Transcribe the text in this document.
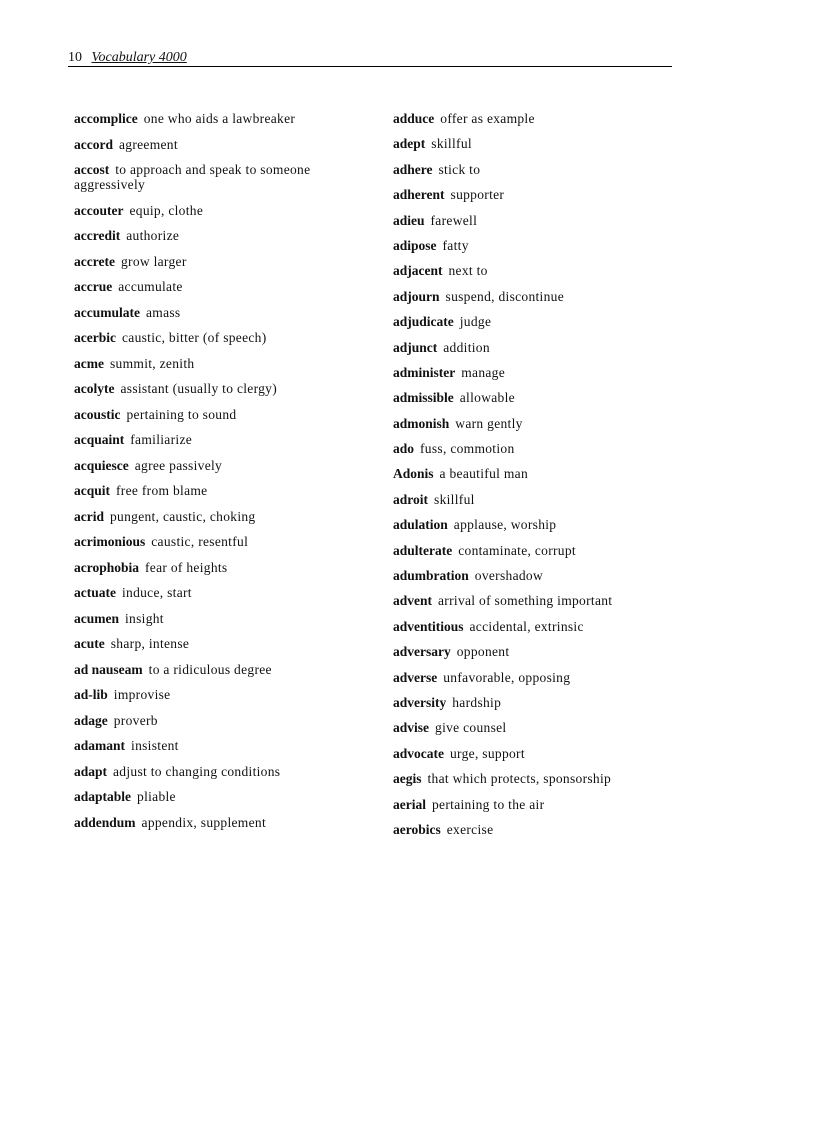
10 Vocabulary 4000

accomplice one who aids a lawbreaker

accord agreement

accost to approach and speak to someone aggressively

accouter equip, clothe

accredit authorize

accrete grow larger

accrue accumulate

accumulate amass

acerbic caustic, bitter (of speech)

acme summit, zenith

acolyte assistant (usually to clergy)

acoustic pertaining to sound

acquaint familiarize

acquiesce agree passively

acquit free from blame

acrid pungent, caustic, choking

acrimonious caustic, resentful

acrophobia fear of heights

actuate induce, start

acumen insight

acute sharp, intense

ad nauseam to a ridiculous degree

ad-lib improvise

adage proverb

adamant insistent

adapt adjust to changing conditions

adaptable pliable

addendum appendix, supplement

adduce offer as example

adept skillful

adhere stick to

adherent supporter

adieu farewell

adipose fatty

adjacent next to

adjourn suspend, discontinue

adjudicate judge

adjunct addition

administer manage

admissible allowable

admonish warn gently

ado fuss, commotion

Adonis a beautiful man

adroit skillful

adulation applause, worship

adulterate contaminate, corrupt

adumbration overshadow

advent arrival of something important

adventitious accidental, extrinsic

adversary opponent

adverse unfavorable, opposing

adversity hardship

advise give counsel

advocate urge, support

aegis that which protects, sponsorship

aerial pertaining to the air

aerobics exercise
